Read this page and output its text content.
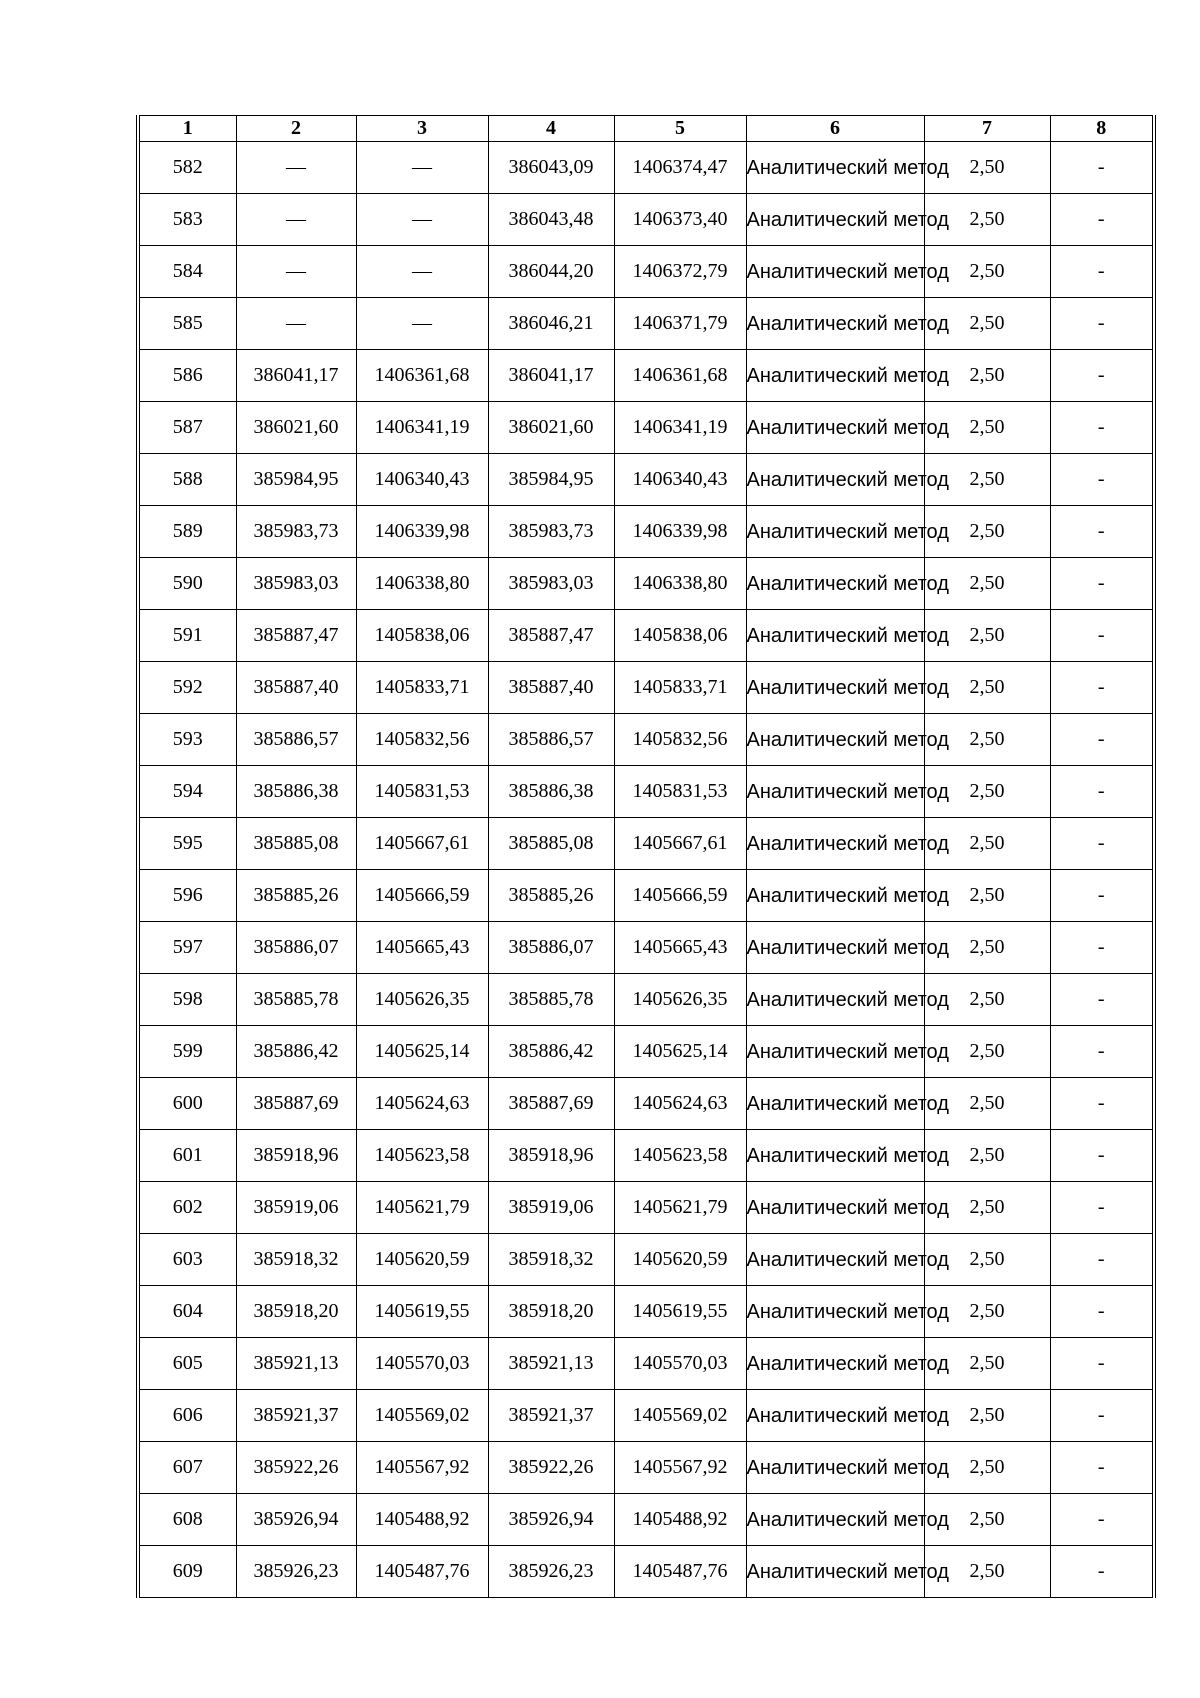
1	2	3	4	5	6	7	8
582	—	—	386043,09	1406374,47	Аналитический метод	2,50	-
583	—	—	386043,48	1406373,40	Аналитический метод	2,50	-
584	—	—	386044,20	1406372,79	Аналитический метод	2,50	-
585	—	—	386046,21	1406371,79	Аналитический метод	2,50	-
586	386041,17	1406361,68	386041,17	1406361,68	Аналитический метод	2,50	-
587	386021,60	1406341,19	386021,60	1406341,19	Аналитический метод	2,50	-
588	385984,95	1406340,43	385984,95	1406340,43	Аналитический метод	2,50	-
589	385983,73	1406339,98	385983,73	1406339,98	Аналитический метод	2,50	-
590	385983,03	1406338,80	385983,03	1406338,80	Аналитический метод	2,50	-
591	385887,47	1405838,06	385887,47	1405838,06	Аналитический метод	2,50	-
592	385887,40	1405833,71	385887,40	1405833,71	Аналитический метод	2,50	-
593	385886,57	1405832,56	385886,57	1405832,56	Аналитический метод	2,50	-
594	385886,38	1405831,53	385886,38	1405831,53	Аналитический метод	2,50	-
595	385885,08	1405667,61	385885,08	1405667,61	Аналитический метод	2,50	-
596	385885,26	1405666,59	385885,26	1405666,59	Аналитический метод	2,50	-
597	385886,07	1405665,43	385886,07	1405665,43	Аналитический метод	2,50	-
598	385885,78	1405626,35	385885,78	1405626,35	Аналитический метод	2,50	-
599	385886,42	1405625,14	385886,42	1405625,14	Аналитический метод	2,50	-
600	385887,69	1405624,63	385887,69	1405624,63	Аналитический метод	2,50	-
601	385918,96	1405623,58	385918,96	1405623,58	Аналитический метод	2,50	-
602	385919,06	1405621,79	385919,06	1405621,79	Аналитический метод	2,50	-
603	385918,32	1405620,59	385918,32	1405620,59	Аналитический метод	2,50	-
604	385918,20	1405619,55	385918,20	1405619,55	Аналитический метод	2,50	-
605	385921,13	1405570,03	385921,13	1405570,03	Аналитический метод	2,50	-
606	385921,37	1405569,02	385921,37	1405569,02	Аналитический метод	2,50	-
607	385922,26	1405567,92	385922,26	1405567,92	Аналитический метод	2,50	-
608	385926,94	1405488,92	385926,94	1405488,92	Аналитический метод	2,50	-
609	385926,23	1405487,76	385926,23	1405487,76	Аналитический метод	2,50	-
